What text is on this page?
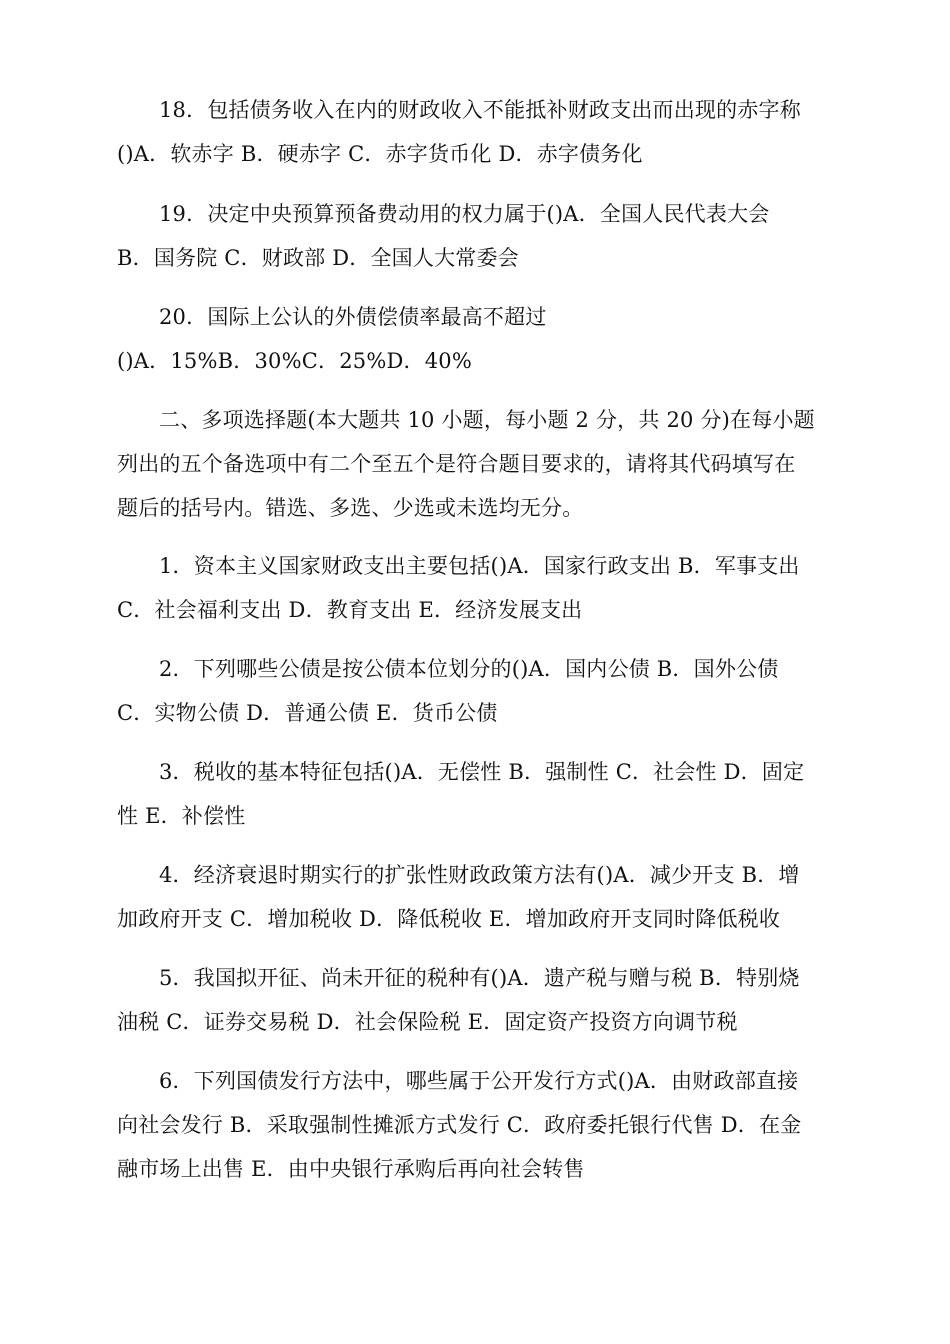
18．包括债务收入在内的财政收入不能抵补财政支出而出现的赤字称
()A．软赤字 B．硬赤字 C．赤字货币化 D．赤字债务化

19．决定中央预算预备费动用的权力属于()A．全国人民代表大会
B．国务院 C．财政部 D．全国人大常委会

20．国际上公认的外债偿债率最高不超过
()A．15%B．30%C．25%D．40%

二、多项选择题(本大题共 10 小题，每小题 2 分，共 20 分)在每小题
列出的五个备选项中有二个至五个是符合题目要求的，请将其代码填写在
题后的括号内。错选、多选、少选或未选均无分。

1．资本主义国家财政支出主要包括()A．国家行政支出 B．军事支出
C．社会福利支出 D．教育支出 E．经济发展支出

2．下列哪些公债是按公债本位划分的()A．国内公债 B．国外公债
C．实物公债 D．普通公债 E．货币公债

3．税收的基本特征包括()A．无偿性 B．强制性 C．社会性 D．固定
性 E．补偿性

4．经济衰退时期实行的扩张性财政政策方法有()A．减少开支 B．增
加政府开支 C．增加税收 D．降低税收 E．增加政府开支同时降低税收

5．我国拟开征、尚未开征的税种有()A．遗产税与赠与税 B．特别烧
油税 C．证券交易税 D．社会保险税 E．固定资产投资方向调节税

6．下列国债发行方法中，哪些属于公开发行方式()A．由财政部直接
向社会发行 B．采取强制性摊派方式发行 C．政府委托银行代售 D．在金
融市场上出售 E．由中央银行承购后再向社会转售
